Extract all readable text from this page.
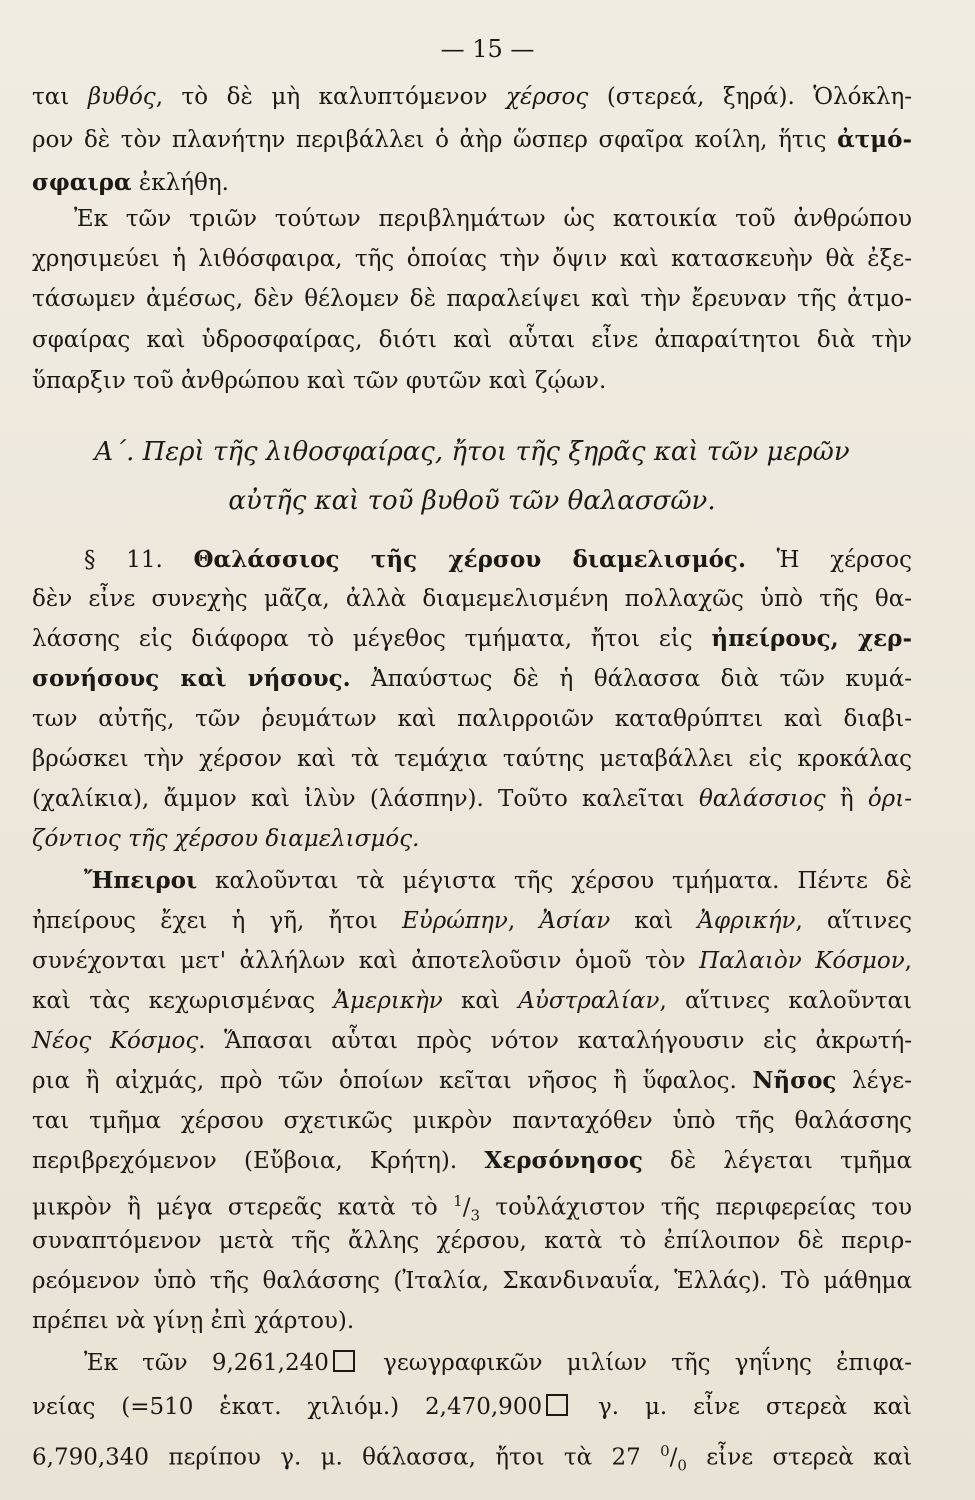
— 15 —

ται βυθός, τὸ δὲ μὴ καλυπτόμενον χέρσος (στερεά, ξηρά). Ὁλόκλη-

ρον δὲ τὸν πλανήτην περιβάλλει ὁ ἀὴρ ὥσπερ σφαῖρα κοίλη, ἥτις ἀτμό-

σφαιρα ἐκλήθη.

Ἐκ τῶν τριῶν τούτων περιβλημάτων ὡς κατοικία τοῦ ἀνθρώπου

χρησιμεύει ἡ λιθόσφαιρα, τῆς ὁποίας τὴν ὄψιν καὶ κατασκευὴν θὰ ἐξε-

τάσωμεν ἀμέσως, δὲν θέλομεν δὲ παραλείψει καὶ τὴν ἔρευναν τῆς ἀτμο-

σφαίρας καὶ ὑδροσφαίρας, διότι καὶ αὗται εἶνε ἀπαραίτητοι διὰ τὴν

ὕπαρξιν τοῦ ἀνθρώπου καὶ τῶν φυτῶν καὶ ζῴων.

Α΄. Περὶ τῆς λιθοσφαίρας, ἤτοι τῆς ξηρᾶς καὶ τῶν μερῶν
αὐτῆς καὶ τοῦ βυθοῦ τῶν θαλασσῶν.

§ 11. Θαλάσσιος τῆς χέρσου διαμελισμός. Ἡ χέρσος

δὲν εἶνε συνεχὴς μᾶζα, ἀλλὰ διαμεμελισμένη πολλαχῶς ὑπὸ τῆς θα-

λάσσης εἰς διάφορα τὸ μέγεθος τμήματα, ἤτοι εἰς ἠπείρους, χερ-

σονήσους καὶ νήσους. Ἀπαύστως δὲ ἡ θάλασσα διὰ τῶν κυμά-

των αὐτῆς, τῶν ῥευμάτων καὶ παλιρροιῶν καταθρύπτει καὶ διαβι-

βρώσκει τὴν χέρσον καὶ τὰ τεμάχια ταύτης μεταβάλλει εἰς κροκάλας

(χαλίκια), ἄμμον καὶ ἰλὺν (λάσπην). Τοῦτο καλεῖται θαλάσσιος ἢ ὁρι-

ζόντιος τῆς χέρσου διαμελισμός.

Ἤπειροι καλοῦνται τὰ μέγιστα τῆς χέρσου τμήματα. Πέντε δὲ

ἠπείρους ἔχει ἡ γῆ, ἤτοι Εὐρώπην, Ἀσίαν καὶ Ἀφρικήν, αἵτινες

συνέχονται μετ' ἀλλήλων καὶ ἀποτελοῦσιν ὁμοῦ τὸν Παλαιὸν Κόσμον,

καὶ τὰς κεχωρισμένας Ἀμερικὴν καὶ Αὐστραλίαν, αἵτινες καλοῦνται

Νέος Κόσμος. Ἅπασαι αὗται πρὸς νότον καταλήγουσιν εἰς ἀκρωτή-

ρια ἢ αἰχμάς, πρὸ τῶν ὁποίων κεῖται νῆσος ἢ ὕφαλος. Νῆσος λέγε-

ται τμῆμα χέρσου σχετικῶς μικρὸν πανταχόθεν ὑπὸ τῆς θαλάσσης

περιβρεχόμενον (Εὔβοια, Κρήτη). Χερσόνησος δὲ λέγεται τμῆμα

μικρὸν ἢ μέγα στερεᾶς κατὰ τὸ $^1/_3$ τοὐλάχιστον τῆς περιφερείας του

συναπτόμενον μετὰ τῆς ἄλλης χέρσου, κατὰ τὸ ἐπίλοιπον δὲ περιρ-

ρεόμενον ὑπὸ τῆς θαλάσσης (Ἰταλία, Σκανδιναυΐα, Ἑλλάς). Τὸ μάθημα

πρέπει νὰ γίνῃ ἐπὶ χάρτου).

Ἐκ τῶν 9,261,240 γεωγραφικῶν μιλίων τῆς γηΐνης ἐπιφα-

νείας (=510 ἑκατ. χιλιόμ.) 2,470,900 γ. μ. εἶνε στερεὰ καὶ

6,790,340 περίπου γ. μ. θάλασσα, ἤτοι τὰ 27 $^0/_0$ εἶνε στερεὰ καὶ
